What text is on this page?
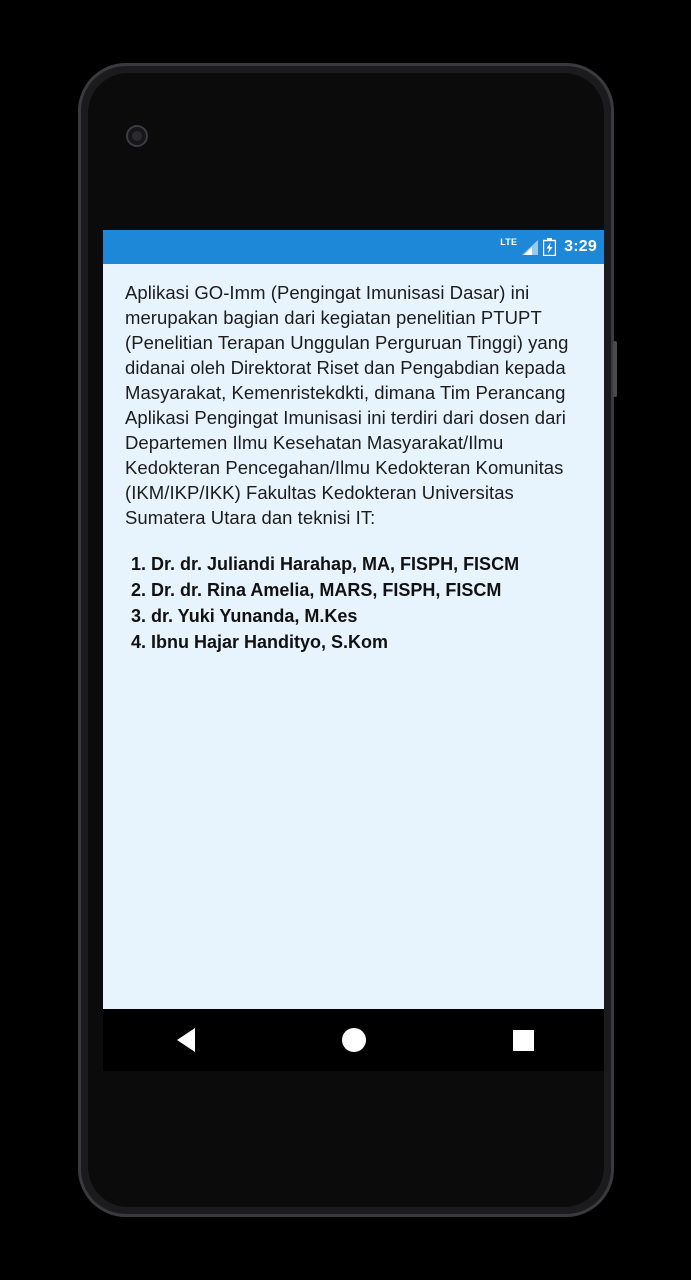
LTE	3:29

Aplikasi GO-Imm (Pengingat Imunisasi Dasar) ini merupakan bagian dari kegiatan penelitian PTUPT (Penelitian Terapan Unggulan Perguruan Tinggi) yang didanai oleh Direktorat Riset dan Pengabdian kepada Masyarakat, Kemenristekdkti, dimana Tim Perancang Aplikasi Pengingat Imunisasi ini terdiri dari dosen dari Departemen Ilmu Kesehatan Masyarakat/Ilmu Kedokteran Pencegahan/Ilmu Kedokteran Komunitas (IKM/IKP/IKK) Fakultas Kedokteran Universitas Sumatera Utara dan teknisi IT:

1. Dr. dr. Juliandi Harahap, MA, FISPH, FISCM
2. Dr. dr. Rina Amelia, MARS, FISPH, FISCM
3. dr. Yuki Yunanda, M.Kes
4. Ibnu Hajar Handityo, S.Kom
